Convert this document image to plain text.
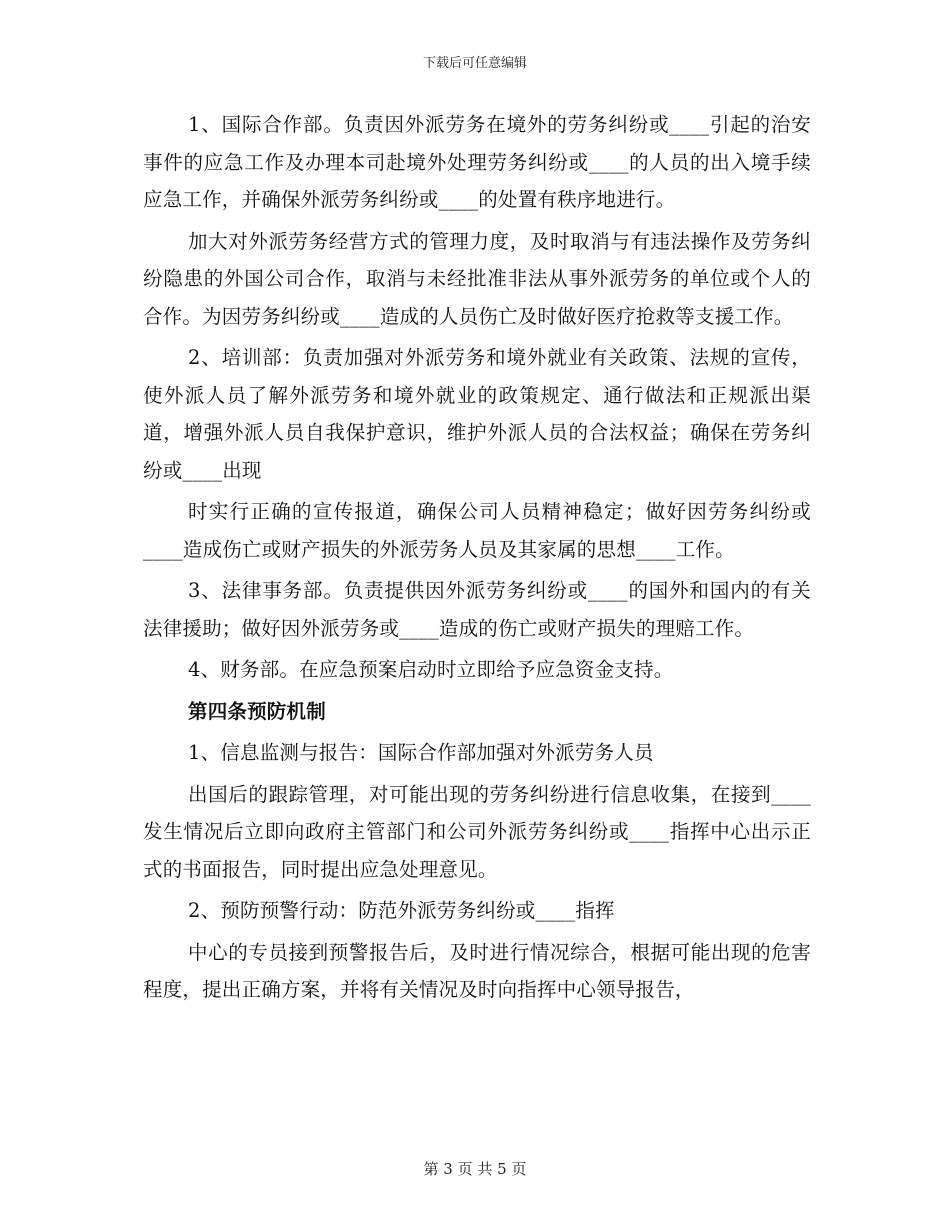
下载后可任意编辑

1、国际合作部。负责因外派劳务在境外的劳务纠纷或____引起的治安事件的应急工作及办理本司赴境外处理劳务纠纷或____的人员的出入境手续应急工作，并确保外派劳务纠纷或____的处置有秩序地进行。

加大对外派劳务经营方式的管理力度，及时取消与有违法操作及劳务纠纷隐患的外国公司合作，取消与未经批准非法从事外派劳务的单位或个人的合作。为因劳务纠纷或____造成的人员伤亡及时做好医疗抢救等支援工作。

2、培训部：负责加强对外派劳务和境外就业有关政策、法规的宣传，使外派人员了解外派劳务和境外就业的政策规定、通行做法和正规派出渠道，增强外派人员自我保护意识，维护外派人员的合法权益；确保在劳务纠纷或____出现

时实行正确的宣传报道，确保公司人员精神稳定；做好因劳务纠纷或____造成伤亡或财产损失的外派劳务人员及其家属的思想____工作。

3、法律事务部。负责提供因外派劳务纠纷或____的国外和国内的有关法律援助；做好因外派劳务或____造成的伤亡或财产损失的理赔工作。

4、财务部。在应急预案启动时立即给予应急资金支持。

第四条预防机制

1、信息监测与报告：国际合作部加强对外派劳务人员

出国后的跟踪管理，对可能出现的劳务纠纷进行信息收集，在接到____发生情况后立即向政府主管部门和公司外派劳务纠纷或____指挥中心出示正式的书面报告，同时提出应急处理意见。

2、预防预警行动：防范外派劳务纠纷或____指挥

中心的专员接到预警报告后，及时进行情况综合，根据可能出现的危害程度，提出正确方案，并将有关情况及时向指挥中心领导报告，

第 3 页 共 5 页
